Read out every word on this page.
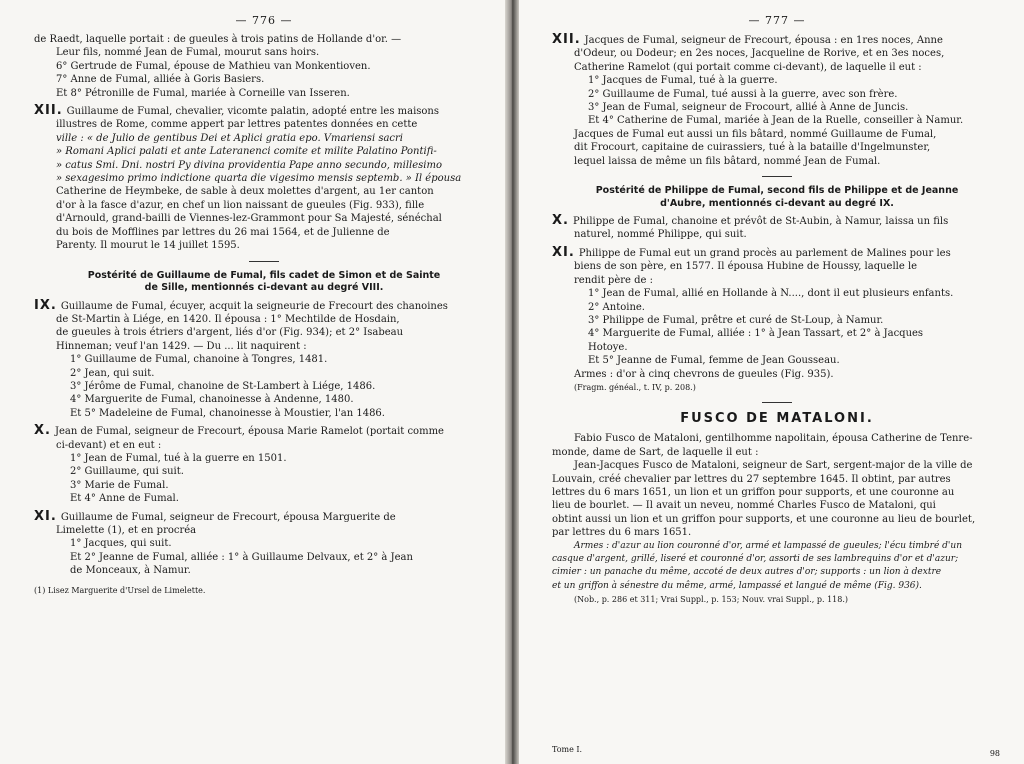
— 776 —

de Raedt, laquelle portait : de gueules à trois patins de Hollande d'or. —

Leur fils, nommé Jean de Fumal, mourut sans hoirs.

6° Gertrude de Fumal, épouse de Mathieu van Monkentioven.

7° Anne de Fumal, alliée à Goris Basiers.

Et 8° Pétronille de Fumal, mariée à Corneille van Isseren.

XII. Guillaume de Fumal, chevalier, vicomte palatin, adopté entre les maisons

illustres de Rome, comme appert par lettres patentes données en cette

ville : « de Julio de gentibus Dei et Aplici gratia epo. Vmariensi sacri

» Romani Aplici palati et ante Lateranenci comite et milite Palatino Pontifi-

» catus Smi. Dni. nostri Py divina providentia Pape anno secundo, millesimo

» sexagesimo primo indictione quarta die vigesimo mensis septemb. » Il épousa

Catherine de Heymbeke, de sable à deux molettes d'argent, au 1er canton

d'or à la fasce d'azur, en chef un lion naissant de gueules (Fig. 933), fille

d'Arnould, grand-bailli de Viennes-lez-Grammont pour Sa Majesté, sénéchal

du bois de Mofflines par lettres du 26 mai 1564, et de Julienne de

Parenty. Il mourut le 14 juillet 1595.

Postérité de Guillaume de Fumal, fils cadet de Simon et de Sainte
de Sille, mentionnés ci-devant au degré VIII.

IX. Guillaume de Fumal, écuyer, acquit la seigneurie de Frecourt des chanoines

de St-Martin à Liége, en 1420. Il épousa : 1° Mechtilde de Hosdain,

de gueules à trois étriers d'argent, liés d'or (Fig. 934); et 2° Isabeau

Hinneman; veuf l'an 1429. — Du ... lit naquirent :

1° Guillaume de Fumal, chanoine à Tongres, 1481.

2° Jean, qui suit.

3° Jérôme de Fumal, chanoine de St-Lambert à Liége, 1486.

4° Marguerite de Fumal, chanoinesse à Andenne, 1480.

Et 5° Madeleine de Fumal, chanoinesse à Moustier, l'an 1486.

X. Jean de Fumal, seigneur de Frecourt, épousa Marie Ramelot (portait comme

ci-devant) et en eut :

1° Jean de Fumal, tué à la guerre en 1501.

2° Guillaume, qui suit.

3° Marie de Fumal.

Et 4° Anne de Fumal.

XI. Guillaume de Fumal, seigneur de Frecourt, épousa Marguerite de

Limelette (1), et en procréa

1° Jacques, qui suit.

Et 2° Jeanne de Fumal, alliée : 1° à Guillaume Delvaux, et 2° à Jean

de Monceaux, à Namur.

(1) Lisez Marguerite d'Ursel de Limelette.
— 777 —

XII. Jacques de Fumal, seigneur de Frecourt, épousa : en 1res noces, Anne

d'Odeur, ou Dodeur; en 2es noces, Jacqueline de Rorive, et en 3es noces,

Catherine Ramelot (qui portait comme ci-devant), de laquelle il eut :

1° Jacques de Fumal, tué à la guerre.

2° Guillaume de Fumal, tué aussi à la guerre, avec son frère.

3° Jean de Fumal, seigneur de Frocourt, allié à Anne de Juncis.

Et 4° Catherine de Fumal, mariée à Jean de la Ruelle, conseiller à Namur.

Jacques de Fumal eut aussi un fils bâtard, nommé Guillaume de Fumal,

dit Frocourt, capitaine de cuirassiers, tué à la bataille d'Ingelmunster,

lequel laissa de même un fils bâtard, nommé Jean de Fumal.

Postérité de Philippe de Fumal, second fils de Philippe et de Jeanne
d'Aubre, mentionnés ci-devant au degré IX.

X. Philippe de Fumal, chanoine et prévôt de St-Aubin, à Namur, laissa un fils

naturel, nommé Philippe, qui suit.

XI. Philippe de Fumal eut un grand procès au parlement de Malines pour les

biens de son père, en 1577. Il épousa Hubine de Houssy, laquelle le

rendit père de :

1° Jean de Fumal, allié en Hollande à N...., dont il eut plusieurs enfants.

2° Antoine.

3° Philippe de Fumal, prêtre et curé de St-Loup, à Namur.

4° Marguerite de Fumal, alliée : 1° à Jean Tassart, et 2° à Jacques

Hotoye.

Et 5° Jeanne de Fumal, femme de Jean Gousseau.

Armes : d'or à cinq chevrons de gueules (Fig. 935).

(Fragm. généal., t. IV, p. 208.)

FUSCO DE MATALONI.

Fabio Fusco de Mataloni, gentilhomme napolitain, épousa Catherine de Tenre-

monde, dame de Sart, de laquelle il eut :

Jean-Jacques Fusco de Mataloni, seigneur de Sart, sergent-major de la ville de

Louvain, créé chevalier par lettres du 27 septembre 1645. Il obtint, par autres

lettres du 6 mars 1651, un lion et un griffon pour supports, et une couronne au

lieu de bourlet. — Il avait un neveu, nommé Charles Fusco de Mataloni, qui

obtint aussi un lion et un griffon pour supports, et une couronne au lieu de bourlet,

par lettres du 6 mars 1651.

Armes : d'azur au lion couronné d'or, armé et lampassé de gueules; l'écu timbré d'un

casque d'argent, grillé, liseré et couronné d'or, assorti de ses lambrequins d'or et d'azur;

cimier : un panache du même, accoté de deux autres d'or; supports : un lion à dextre

et un griffon à sénestre du même, armé, lampassé et langué de même (Fig. 936).

(Nob., p. 286 et 311; Vrai Suppl., p. 153; Nouv. vrai Suppl., p. 118.)

Tome I.	98
